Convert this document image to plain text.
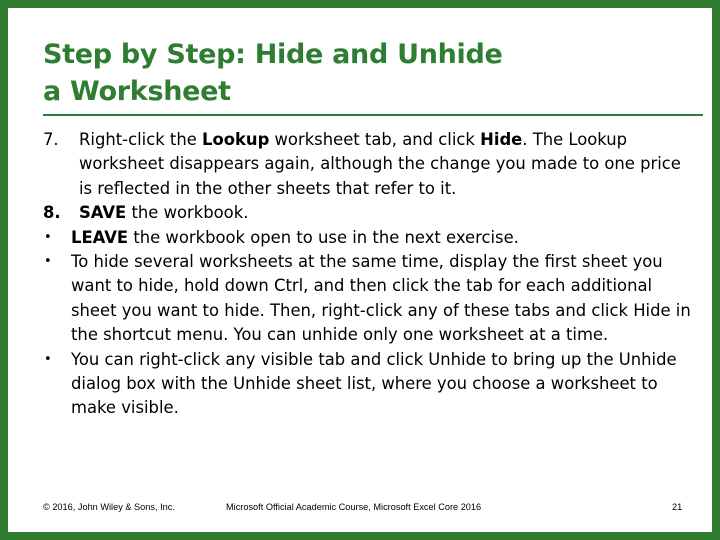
Step by Step: Hide and Unhide
a Worksheet

7. Right-click the Lookup worksheet tab, and click Hide. The Lookup worksheet disappears again, although the change you made to one price is reflected in the other sheets that refer to it.

8. SAVE the workbook.

• LEAVE the workbook open to use in the next exercise.

• To hide several worksheets at the same time, display the first sheet you want to hide, hold down Ctrl, and then click the tab for each additional sheet you want to hide. Then, right-click any of these tabs and click Hide in the shortcut menu. You can unhide only one worksheet at a time.

• You can right-click any visible tab and click Unhide to bring up the Unhide dialog box with the Unhide sheet list, where you choose a worksheet to make visible.

© 2016, John Wiley & Sons, Inc.	Microsoft Official Academic Course, Microsoft Excel Core 2016	21
